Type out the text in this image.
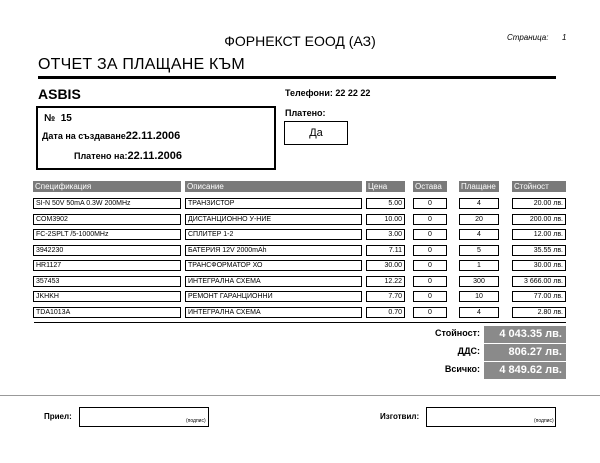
ФОРНЕКСТ ЕООД (АЗ)	Страница: 1
ОТЧЕТ ЗА ПЛАЩАНЕ КЪМ
ASBIS	Телефони: 22 22 22
Платено:
Да
№ 15
Дата на създаване22.11.2006
Платено на:22.11.2006
Спецификация	Описание	Цена	Остава	Плащане	Стойност
SI-N 50V 50mA 0.3W 200MHz	ТРАНЗИСТОР	5.00	0	4	20.00 лв.
COM3902	ДИСТАНЦИОННО У-НИЕ	10.00	0	20	200.00 лв.
FC-2SPLT /5-1000MHz	СПЛИТЕР 1-2	3.00	0	4	12.00 лв.
3942230	БАТЕРИЯ 12V 2000mAh	7.11	0	5	35.55 лв.
HR1127	ТРАНСФОРМАТОР ХО	30.00	0	1	30.00 лв.
357453	ИНТЕГРАЛНА СХЕМА	12.22	0	300	3 666.00 лв.
JKHKH	РЕМОНТ ГАРАНЦИОННИ	7.70	0	10	77.00 лв.
TDA1013A	ИНТЕГРАЛНА СХЕМА	0.70	0	4	2.80 лв.
Стойност:	4 043.35 лв.
ДДС:	806.27 лв.
Всичко:	4 849.62 лв.
Приел:	(подпис)	Изготвил:	(подпис)
